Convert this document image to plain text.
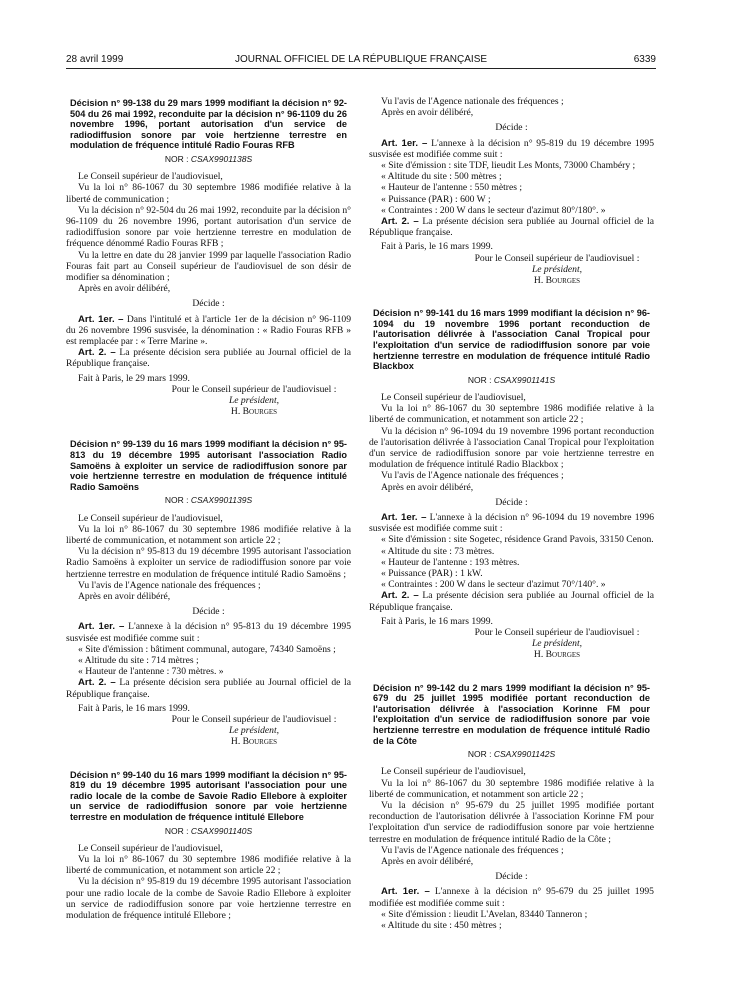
28 avril 1999	JOURNAL OFFICIEL DE LA RÉPUBLIQUE FRANÇAISE	6339
Décision n° 99-138 du 29 mars 1999 modifiant la décision n° 92-504 du 26 mai 1992, reconduite par la décision n° 96-1109 du 26 novembre 1996, portant autorisation d'un service de radiodiffusion sonore par voie hertzienne terrestre en modulation de fréquence intitulé Radio Fouras RFB
NOR : CSAX9901138S

Le Conseil supérieur de l'audiovisuel,

Vu la loi n° 86-1067 du 30 septembre 1986 modifiée relative à la liberté de communication ;

Vu la décision n° 92-504 du 26 mai 1992, reconduite par la décision n° 96-1109 du 26 novembre 1996, portant autorisation d'un service de radiodiffusion sonore par voie hertzienne terrestre en modulation de fréquence dénommé Radio Fouras RFB ;

Vu la lettre en date du 28 janvier 1999 par laquelle l'association Radio Fouras fait part au Conseil supérieur de l'audiovisuel de son désir de modifier sa dénomination ;

Après en avoir délibéré,

Décide :

Art. 1er. – Dans l'intitulé et à l'article 1er de la décision n° 96-1109 du 26 novembre 1996 susvisée, la dénomination : « Radio Fouras RFB » est remplacée par : « Terre Marine ».

Art. 2. – La présente décision sera publiée au Journal officiel de la République française.

Fait à Paris, le 29 mars 1999.

Pour le Conseil supérieur de l'audiovisuel :
Le président,
H. Bourges
Décision n° 99-139 du 16 mars 1999 modifiant la décision n° 95-813 du 19 décembre 1995 autorisant l'association Radio Samoëns à exploiter un service de radiodiffusion sonore par voie hertzienne terrestre en modulation de fréquence intitulé Radio Samoëns
NOR : CSAX9901139S

Le Conseil supérieur de l'audiovisuel,

Vu la loi n° 86-1067 du 30 septembre 1986 modifiée relative à la liberté de communication, et notamment son article 22 ;

Vu la décision n° 95-813 du 19 décembre 1995 autorisant l'association Radio Samoëns à exploiter un service de radiodiffusion sonore par voie hertzienne terrestre en modulation de fréquence intitulé Radio Samoëns ;

Vu l'avis de l'Agence nationale des fréquences ;

Après en avoir délibéré,

Décide :

Art. 1er. – L'annexe à la décision n° 95-813 du 19 décembre 1995 susvisée est modifiée comme suit :

« Site d'émission : bâtiment communal, autogare, 74340 Samoëns ;

« Altitude du site : 714 mètres ;

« Hauteur de l'antenne : 730 mètres. »

Art. 2. – La présente décision sera publiée au Journal officiel de la République française.

Fait à Paris, le 16 mars 1999.

Pour le Conseil supérieur de l'audiovisuel :
Le président,
H. Bourges
Décision n° 99-140 du 16 mars 1999 modifiant la décision n° 95-819 du 19 décembre 1995 autorisant l'association pour une radio locale de la combe de Savoie Radio Ellebore à exploiter un service de radiodiffusion sonore par voie hertzienne terrestre en modulation de fréquence intitulé Ellebore
NOR : CSAX9901140S

Le Conseil supérieur de l'audiovisuel,

Vu la loi n° 86-1067 du 30 septembre 1986 modifiée relative à la liberté de communication, et notamment son article 22 ;

Vu la décision n° 95-819 du 19 décembre 1995 autorisant l'association pour une radio locale de la combe de Savoie Radio Ellebore à exploiter un service de radiodiffusion sonore par voie hertzienne terrestre en modulation de fréquence intitulé Ellebore ;

Vu l'avis de l'Agence nationale des fréquences ;

Après en avoir délibéré,

Décide :

Art. 1er. – L'annexe à la décision n° 95-819 du 19 décembre 1995 susvisée est modifiée comme suit :

« Site d'émission : site TDF, lieudit Les Monts, 73000 Chambéry ;

« Altitude du site : 500 mètres ;

« Hauteur de l'antenne : 550 mètres ;

« Puissance (PAR) : 600 W ;

« Contraintes : 200 W dans le secteur d'azimut 80°/180°. »

Art. 2. – La présente décision sera publiée au Journal officiel de la République française.

Fait à Paris, le 16 mars 1999.

Pour le Conseil supérieur de l'audiovisuel :
Le président,
H. Bourges
Décision n° 99-141 du 16 mars 1999 modifiant la décision n° 96-1094 du 19 novembre 1996 portant reconduction de l'autorisation délivrée à l'association Canal Tropical pour l'exploitation d'un service de radiodiffusion sonore par voie hertzienne terrestre en modulation de fréquence intitulé Radio Blackbox
NOR : CSAX9901141S

Le Conseil supérieur de l'audiovisuel,

Vu la loi n° 86-1067 du 30 septembre 1986 modifiée relative à la liberté de communication, et notamment son article 22 ;

Vu la décision n° 96-1094 du 19 novembre 1996 portant reconduction de l'autorisation délivrée à l'association Canal Tropical pour l'exploitation d'un service de radiodiffusion sonore par voie hertzienne terrestre en modulation de fréquence intitulé Radio Blackbox ;

Vu l'avis de l'Agence nationale des fréquences ;

Après en avoir délibéré,

Décide :

Art. 1er. – L'annexe à la décision n° 96-1094 du 19 novembre 1996 susvisée est modifiée comme suit :

« Site d'émission : site Sogetec, résidence Grand Pavois, 33150 Cenon.

« Altitude du site : 73 mètres.

« Hauteur de l'antenne : 193 mètres.

« Puissance (PAR) : 1 kW.

« Contraintes : 200 W dans le secteur d'azimut 70°/140°. »

Art. 2. – La présente décision sera publiée au Journal officiel de la République française.

Fait à Paris, le 16 mars 1999.

Pour le Conseil supérieur de l'audiovisuel :
Le président,
H. Bourges
Décision n° 99-142 du 2 mars 1999 modifiant la décision n° 95-679 du 25 juillet 1995 modifiée portant reconduction de l'autorisation délivrée à l'association Korinne FM pour l'exploitation d'un service de radiodiffusion sonore par voie hertzienne terrestre en modulation de fréquence intitulé Radio de la Côte
NOR : CSAX9901142S

Le Conseil supérieur de l'audiovisuel,

Vu la loi n° 86-1067 du 30 septembre 1986 modifiée relative à la liberté de communication, et notamment son article 22 ;

Vu la décision n° 95-679 du 25 juillet 1995 modifiée portant reconduction de l'autorisation délivrée à l'association Korinne FM pour l'exploitation d'un service de radiodiffusion sonore par voie hertzienne terrestre en modulation de fréquence intitulé Radio de la Côte ;

Vu l'avis de l'Agence nationale des fréquences ;

Après en avoir délibéré,

Décide :

Art. 1er. – L'annexe à la décision n° 95-679 du 25 juillet 1995 modifiée est modifiée comme suit :

« Site d'émission : lieudit L'Avelan, 83440 Tanneron ;

« Altitude du site : 450 mètres ;
